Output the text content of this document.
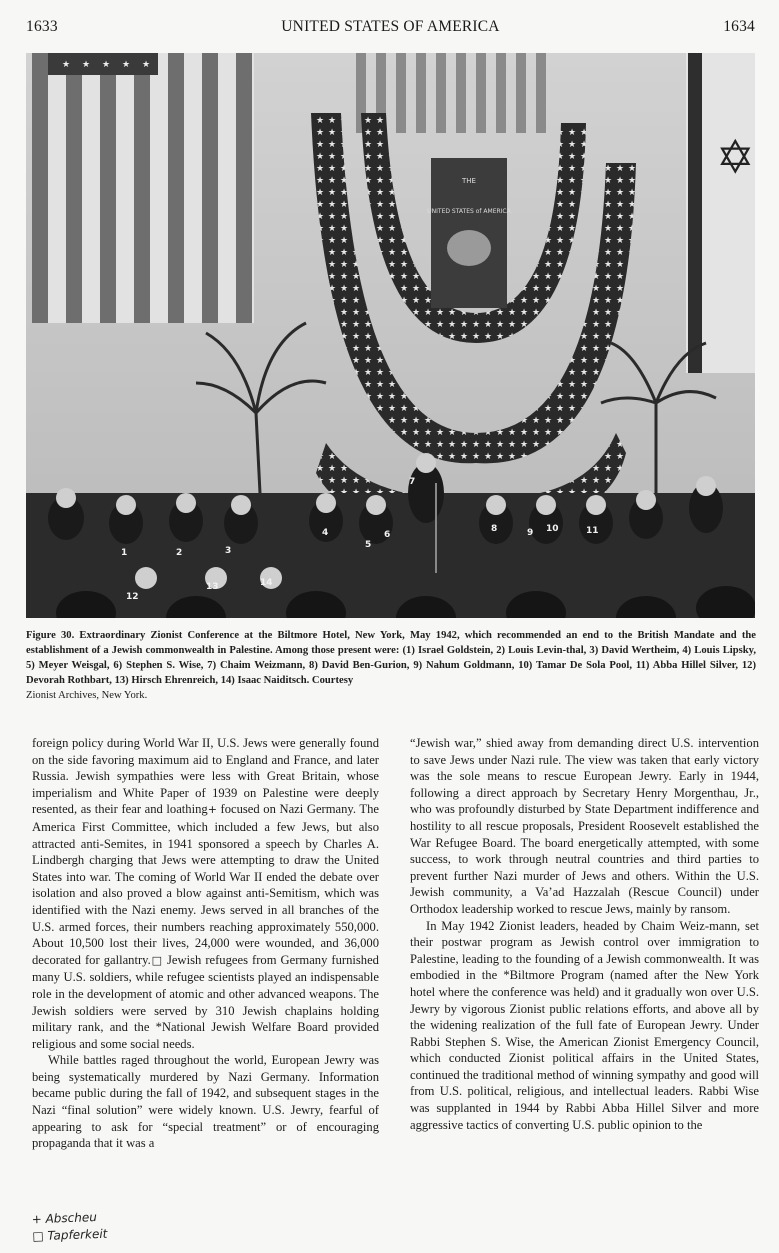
1633	UNITED STATES OF AMERICA	1634
★ ★ ★ ★ ★
THE
UNITED STATES of AMERICA
✡
1	2	3
4
5
6
7
8	9 10	11
12
13	14
Figure 30. Extraordinary Zionist Conference at the Biltmore Hotel, New York, May 1942, which recommended an end to the British Mandate and the establishment of a Jewish commonwealth in Palestine. Among those present were: (1) Israel Goldstein, 2) Louis Levin-thal, 3) David Wertheim, 4) Louis Lipsky, 5) Meyer Weisgal, 6) Stephen S. Wise, 7) Chaim Weizmann, 8) David Ben-Gurion, 9) Nahum Goldmann, 10) Tamar De Sola Pool, 11) Abba Hillel Silver, 12) Devorah Rothbart, 13) Hirsch Ehrenreich, 14) Isaac Naiditsch. Courtesy
Zionist Archives, New York.

foreign policy during World War II, U.S. Jews were generally found on the side favoring maximum aid to England and France, and later Russia. Jewish sympathies were less with Great Britain, whose imperialism and White Paper of 1939 on Palestine were deeply resented, as their fear and loathing+ focused on Nazi Germany. The America First Committee, which included a few Jews, but also attracted anti-Semites, in 1941 sponsored a speech by Charles A. Lindbergh charging that Jews were attempting to draw the United States into war. The coming of World War II ended the debate over isolation and also proved a blow against anti-Semitism, which was identified with the Nazi enemy. Jews served in all branches of the U.S. armed forces, their numbers reaching approximately 550,000. About 10,500 lost their lives, 24,000 were wounded, and 36,000 decorated for gallantry.□ Jewish refugees from Germany furnished many U.S. soldiers, while refugee scientists played an indispensable role in the development of atomic and other advanced weapons. The Jewish soldiers were served by 310 Jewish chaplains holding military rank, and the *National Jewish Welfare Board provided religious and some social needs.

While battles raged throughout the world, European Jewry was being systematically murdered by Nazi Germany. Information became public during the fall of 1942, and subsequent stages in the Nazi “final solution” were widely known. U.S. Jewry, fearful of appearing to ask for “special treatment” or of encouraging propaganda that it was a

“Jewish war,” shied away from demanding direct U.S. intervention to save Jews under Nazi rule. The view was taken that early victory was the sole means to rescue European Jewry. Early in 1944, following a direct approach by Secretary Henry Morgenthau, Jr., who was profoundly disturbed by State Department indifference and hostility to all rescue proposals, President Roosevelt established the War Refugee Board. The board energetically attempted, with some success, to work through neutral countries and third parties to prevent further Nazi murder of Jews and others. Within the U.S. Jewish community, a Va’ad Hazzalah (Rescue Council) under Orthodox leadership worked to rescue Jews, mainly by ransom.

In May 1942 Zionist leaders, headed by Chaim Weiz-mann, set their postwar program as Jewish control over immigration to Palestine, leading to the founding of a Jewish commonwealth. It was embodied in the *Biltmore Program (named after the New York hotel where the conference was held) and it gradually won over U.S. Jewry by vigorous Zionist public relations efforts, and above all by the widening realization of the full fate of European Jewry. Under Rabbi Stephen S. Wise, the American Zionist Emergency Council, which conducted Zionist political affairs in the United States, continued the traditional method of winning sympathy and good will from U.S. political, religious, and intellectual leaders. Rabbi Wise was supplanted in 1944 by Rabbi Abba Hillel Silver and more aggressive tactics of converting U.S. public opinion to the

+ Abscheu
□ Tapferkeit
